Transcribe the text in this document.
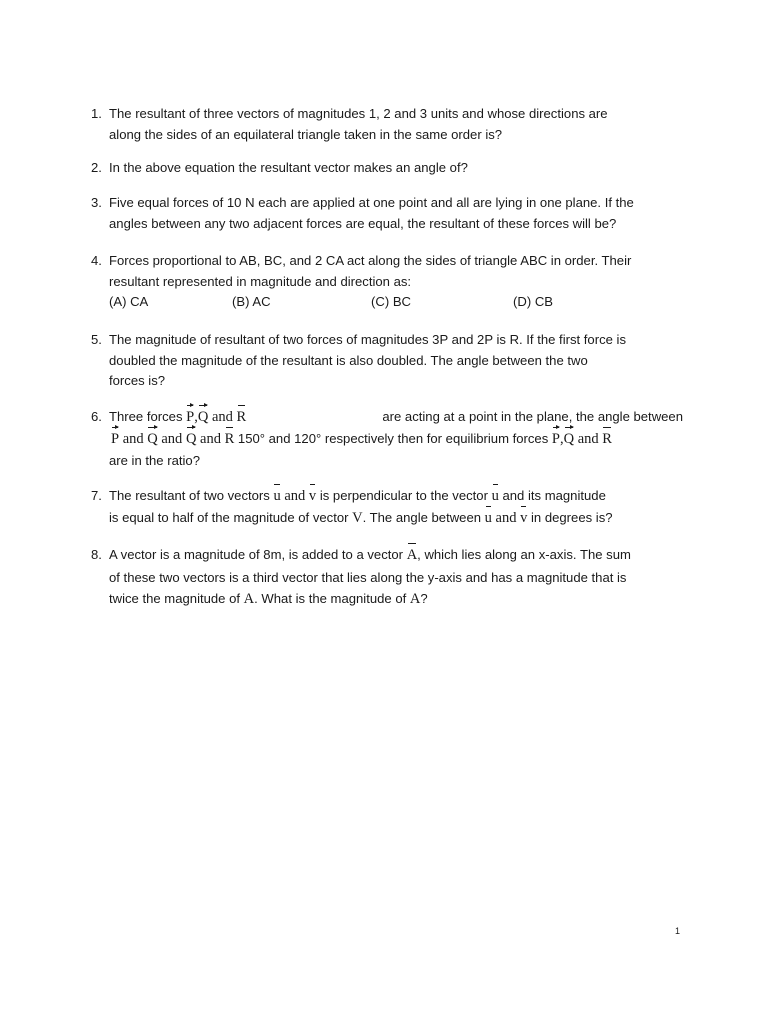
1. The resultant of three vectors of magnitudes 1, 2 and 3 units and whose directions are
along the sides of an equilateral triangle taken in the same order is?
2. In the above equation the resultant vector makes an angle of?
3. Five equal forces of 10 N each are applied at one point and all are lying in one plane. If the
angles between any two adjacent forces are equal, the resultant of these forces will be?
4. Forces proportional to AB, BC, and 2 CA act along the sides of triangle ABC in order. Their
resultant represented in magnitude and direction as:
(A) CA	(B) AC	(C) BC	(D) CB
5. The magnitude of resultant of two forces of magnitudes 3P and 2P is R. If the first force is
doubled the magnitude of the resultant is also doubled. The angle between the two
forces is?
6. Three forces P,Q and R	are acting at a point in the plane, the angle between
P and Q and Q and R 150° and 120° respectively then for equilibrium forces P,Q and R
are in the ratio?
7. The resultant of two vectors u and v is perpendicular to the vector u and its magnitude
is equal to half of the magnitude of vector V. The angle between u and v in degrees is?
8. A vector is a magnitude of 8m, is added to a vector A, which lies along an x-axis. The sum
of these two vectors is a third vector that lies along the y-axis and has a magnitude that is
twice the magnitude of A. What is the magnitude of A?
1
